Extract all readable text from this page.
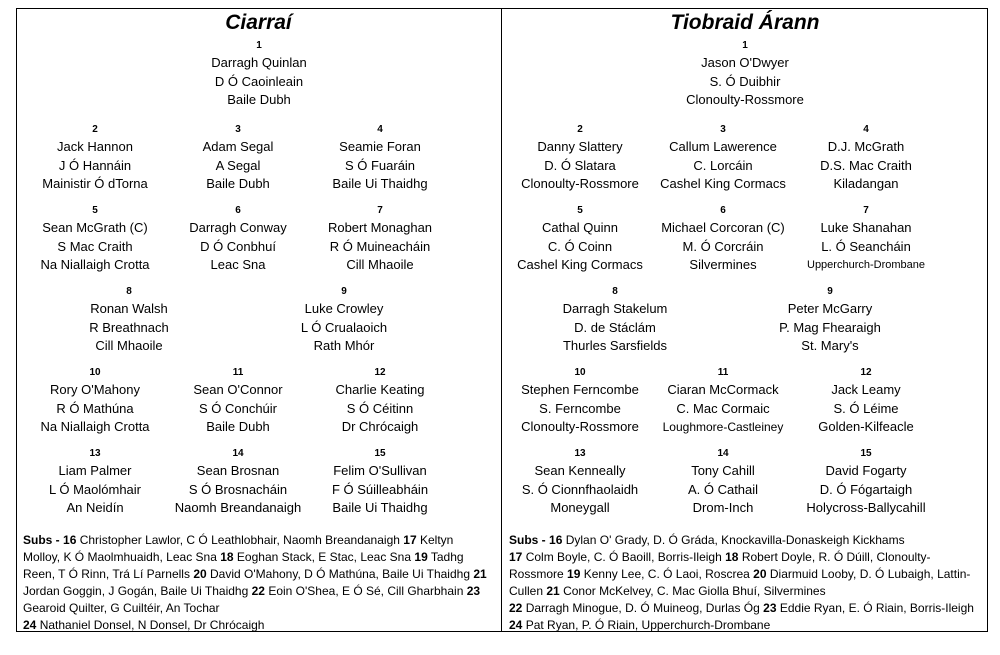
Ciarraí
1
Darragh Quinlan
D Ó Caoinleain
Baile Dubh
2
Jack Hannon
J Ó Hannáin
Mainistir Ó dTorna
3
Adam Segal
A Segal
Baile Dubh
4
Seamie Foran
S Ó Fuaráin
Baile Ui Thaidhg
5
Sean McGrath (C)
S Mac Craith
Na Niallaigh Crotta
6
Darragh Conway
D Ó Conbhuí
Leac Sna
7
Robert Monaghan
R Ó Muineacháin
Cill Mhaoile
8
Ronan Walsh
R Breathnach
Cill Mhaoile
9
Luke Crowley
L Ó Crualaoich
Rath Mhór
10
Rory O'Mahony
R Ó Mathúna
Na Niallaigh Crotta
11
Sean O'Connor
S Ó Conchúir
Baile Dubh
12
Charlie Keating
S Ó Céitinn
Dr Chrócaigh
13
Liam Palmer
L Ó Maolómhair
An Neidín
14
Sean Brosnan
S Ó Brosnacháin
Naomh Breandanaigh
15
Felim O'Sullivan
F Ó Súilleabháin
Baile Ui Thaidhg
Subs - 16 Christopher Lawlor, C Ó Leathlobhair, Naomh Breandanaigh 17 Keltyn Molloy, K Ó Maolmhuaidh, Leac Sna 18 Eoghan Stack, E Stac, Leac Sna 19 Tadhg Reen, T Ó Rinn, Trá Lí Parnells 20 David O'Mahony, D Ó Mathúna, Baile Ui Thaidhg 21 Jordan Goggin, J Gogán, Baile Ui Thaidhg 22 Eoin O'Shea, E Ó Sé, Cill Gharbhain 23 Gearoid Quilter, G Cuiltéir, An Tochar
24 Nathaniel Donsel, N Donsel, Dr Chrócaigh
Tiobraid Árann
1
Jason O'Dwyer
S. Ó Duibhir
Clonoulty-Rossmore
2
Danny Slattery
D. Ó Slatara
Clonoulty-Rossmore
3
Callum Lawerence
C. Lorcáin
Cashel King Cormacs
4
D.J. McGrath
D.S. Mac Craith
Kiladangan
5
Cathal Quinn
C. Ó Coinn
Cashel King Cormacs
6
Michael Corcoran (C)
M. Ó Corcráin
Silvermines
7
Luke Shanahan
L. Ó Seancháin
Upperchurch-Drombane
8
Darragh Stakelum
D. de Stáclám
Thurles Sarsfields
9
Peter McGarry
P. Mag Fhearaigh
St. Mary's
10
Stephen Ferncombe
S. Ferncombe
Clonoulty-Rossmore
11
Ciaran McCormack
C. Mac Cormaic
Loughmore-Castleiney
12
Jack Leamy
S. Ó Léime
Golden-Kilfeacle
13
Sean Kenneally
S. Ó Cionnfhaolaidh
Moneygall
14
Tony Cahill
A. Ó Cathail
Drom-Inch
15
David Fogarty
D. Ó Fógartaigh
Holycross-Ballycahill
Subs - 16 Dylan O' Grady, D. Ó Gráda, Knockavilla-Donaskeigh Kickhams
17 Colm Boyle, C. Ó Baoill, Borris-Ileigh 18 Robert Doyle, R. Ó Dúill, Clonoulty-Rossmore 19 Kenny Lee, C. Ó Laoi, Roscrea 20 Diarmuid Looby, D. Ó Lubaigh, Lattin-Cullen 21 Conor McKelvey, C. Mac Giolla Bhuí, Silvermines
22 Darragh Minogue, D. Ó Muineog, Durlas Óg 23 Eddie Ryan, E. Ó Riain, Borris-Ileigh 24 Pat Ryan, P. Ó Riain, Upperchurch-Drombane
